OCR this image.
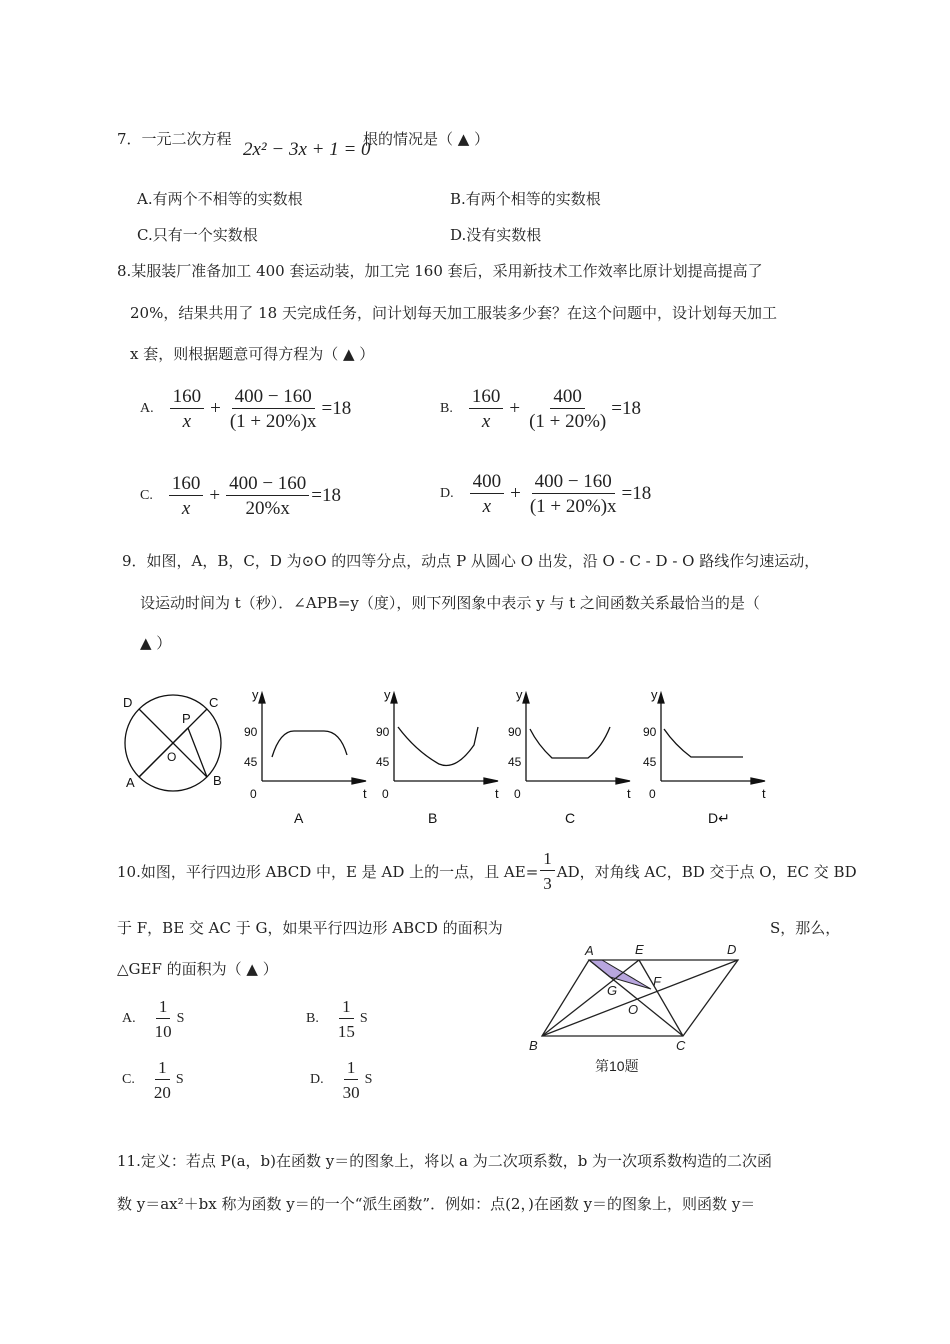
7．一元二次方程 2x² − 3x + 1 = 0
根的情况是（ ▲ ）
A.有两个不相等的实数根	B.有两个相等的实数根
C.只有一个实数根	D.没有实数根
8.某服装厂准备加工 400 套运动装，加工完 160 套后，采用新技术工作效率比原计划提高提高了
20%，结果共用了 18 天完成任务，问计划每天加工服装多少套？在这个问题中，设计划每天加工
x 套，则根据题意可得方程为（ ▲ ）
A. $\frac{160}{x} + \frac{400 - 160}{(1 + 20\%)x} =18$	B. $\frac{160}{x} + \frac{400}{(1 + 20\%)} =18$
C. $\frac{160}{x} + \frac{400 - 160}{20\%x} =18$	D. $\frac{400}{x} + \frac{400 - 160}{(1 + 20\%)x} =18$
9．如图，A，B，C，D 为⊙O 的四等分点，动点 P 从圆心 O 出发，沿 O - C - D - O 路线作匀速运动，
设运动时间为 t（秒）．∠APB=y（度），则下列图象中表示 y 与 t 之间函数关系最恰当的是（
▲ ）
D	C
A	B
O
P
y
t
0
90
45
y
t
0
90
45
y
t
0
90
45
y
t
0
90
45
A	B	C	D↵
10.如图，平行四边形 ABCD 中，E 是 AD 上的一点，且 $AE= \frac{1}{3}$ AD，对角线 AC，BD 交于点 O，EC 交 BD
于 F，BE 交 AC 于 G，如果平行四边形 ABCD 的面积为	S，那么，
△GEF 的面积为（ ▲ ）
A. $\frac{1}{10}$ S	B. $\frac{1}{15}$ S
C. $\frac{1}{20}$ S	D. $\frac{1}{30}$ S
A	E	D
G
F
O
B	C
第10题
11.定义：若点 P(a，b)在函数 y＝的图象上，将以 a 为二次项系数，b 为一次项系数构造的二次函
数 y＝ax²＋bx 称为函数 y＝的一个“派生函数”．例如：点(2，)在函数 y＝的图象上，则函数 y＝
